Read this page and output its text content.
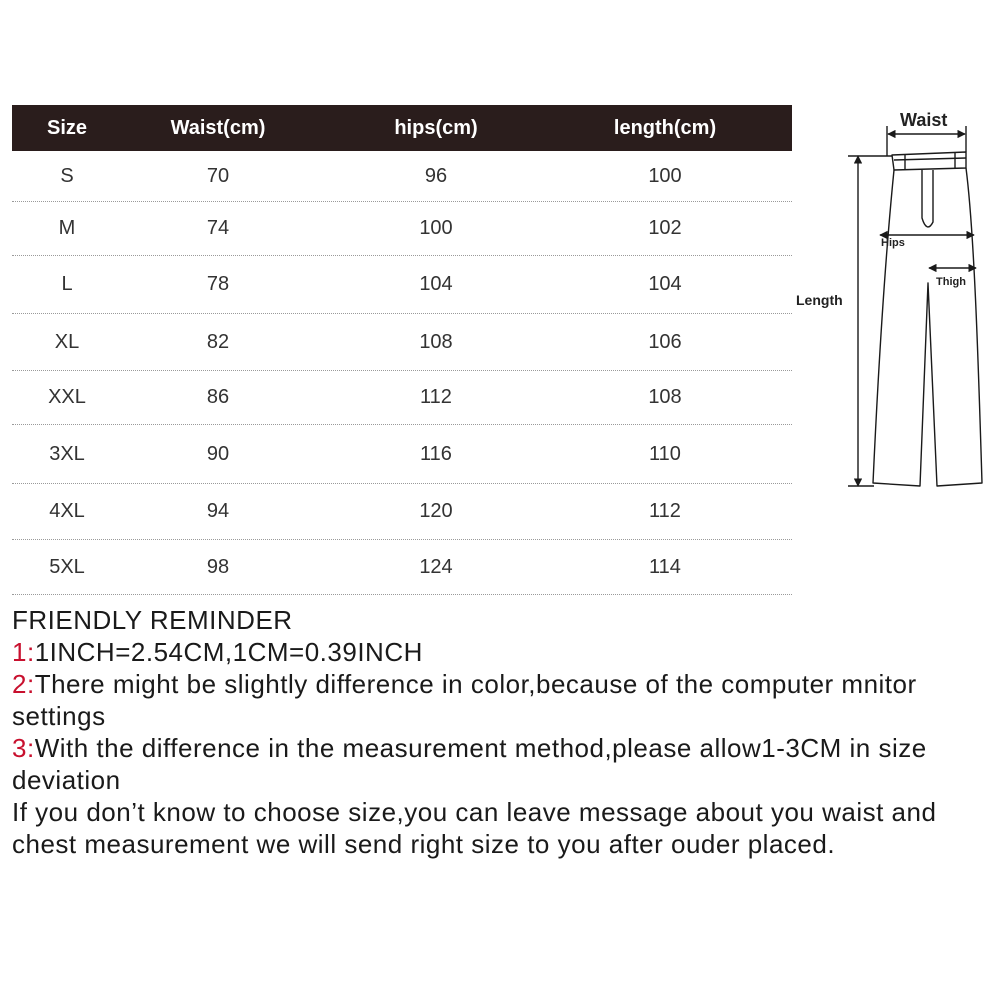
Size	Waist(cm)	hips(cm)	length(cm)
S	70	96	100
M	74	100	102
L	78	104	104
XL	82	108	106
XXL	86	112	108
3XL	90	116	110
4XL	94	120	112
5XL	98	124	114
Waist
Hips
Thigh
Length

FRIENDLY REMINDER

1:1INCH=2.54CM,1CM=0.39INCH

2:There might be slightly difference in color,because of the computer mnitor settings

3:With the difference in the measurement method,please allow1-3CM in size deviation

If you don’t know to choose size,you can leave message about you waist and chest measurement we will send right size to you after ouder placed.
